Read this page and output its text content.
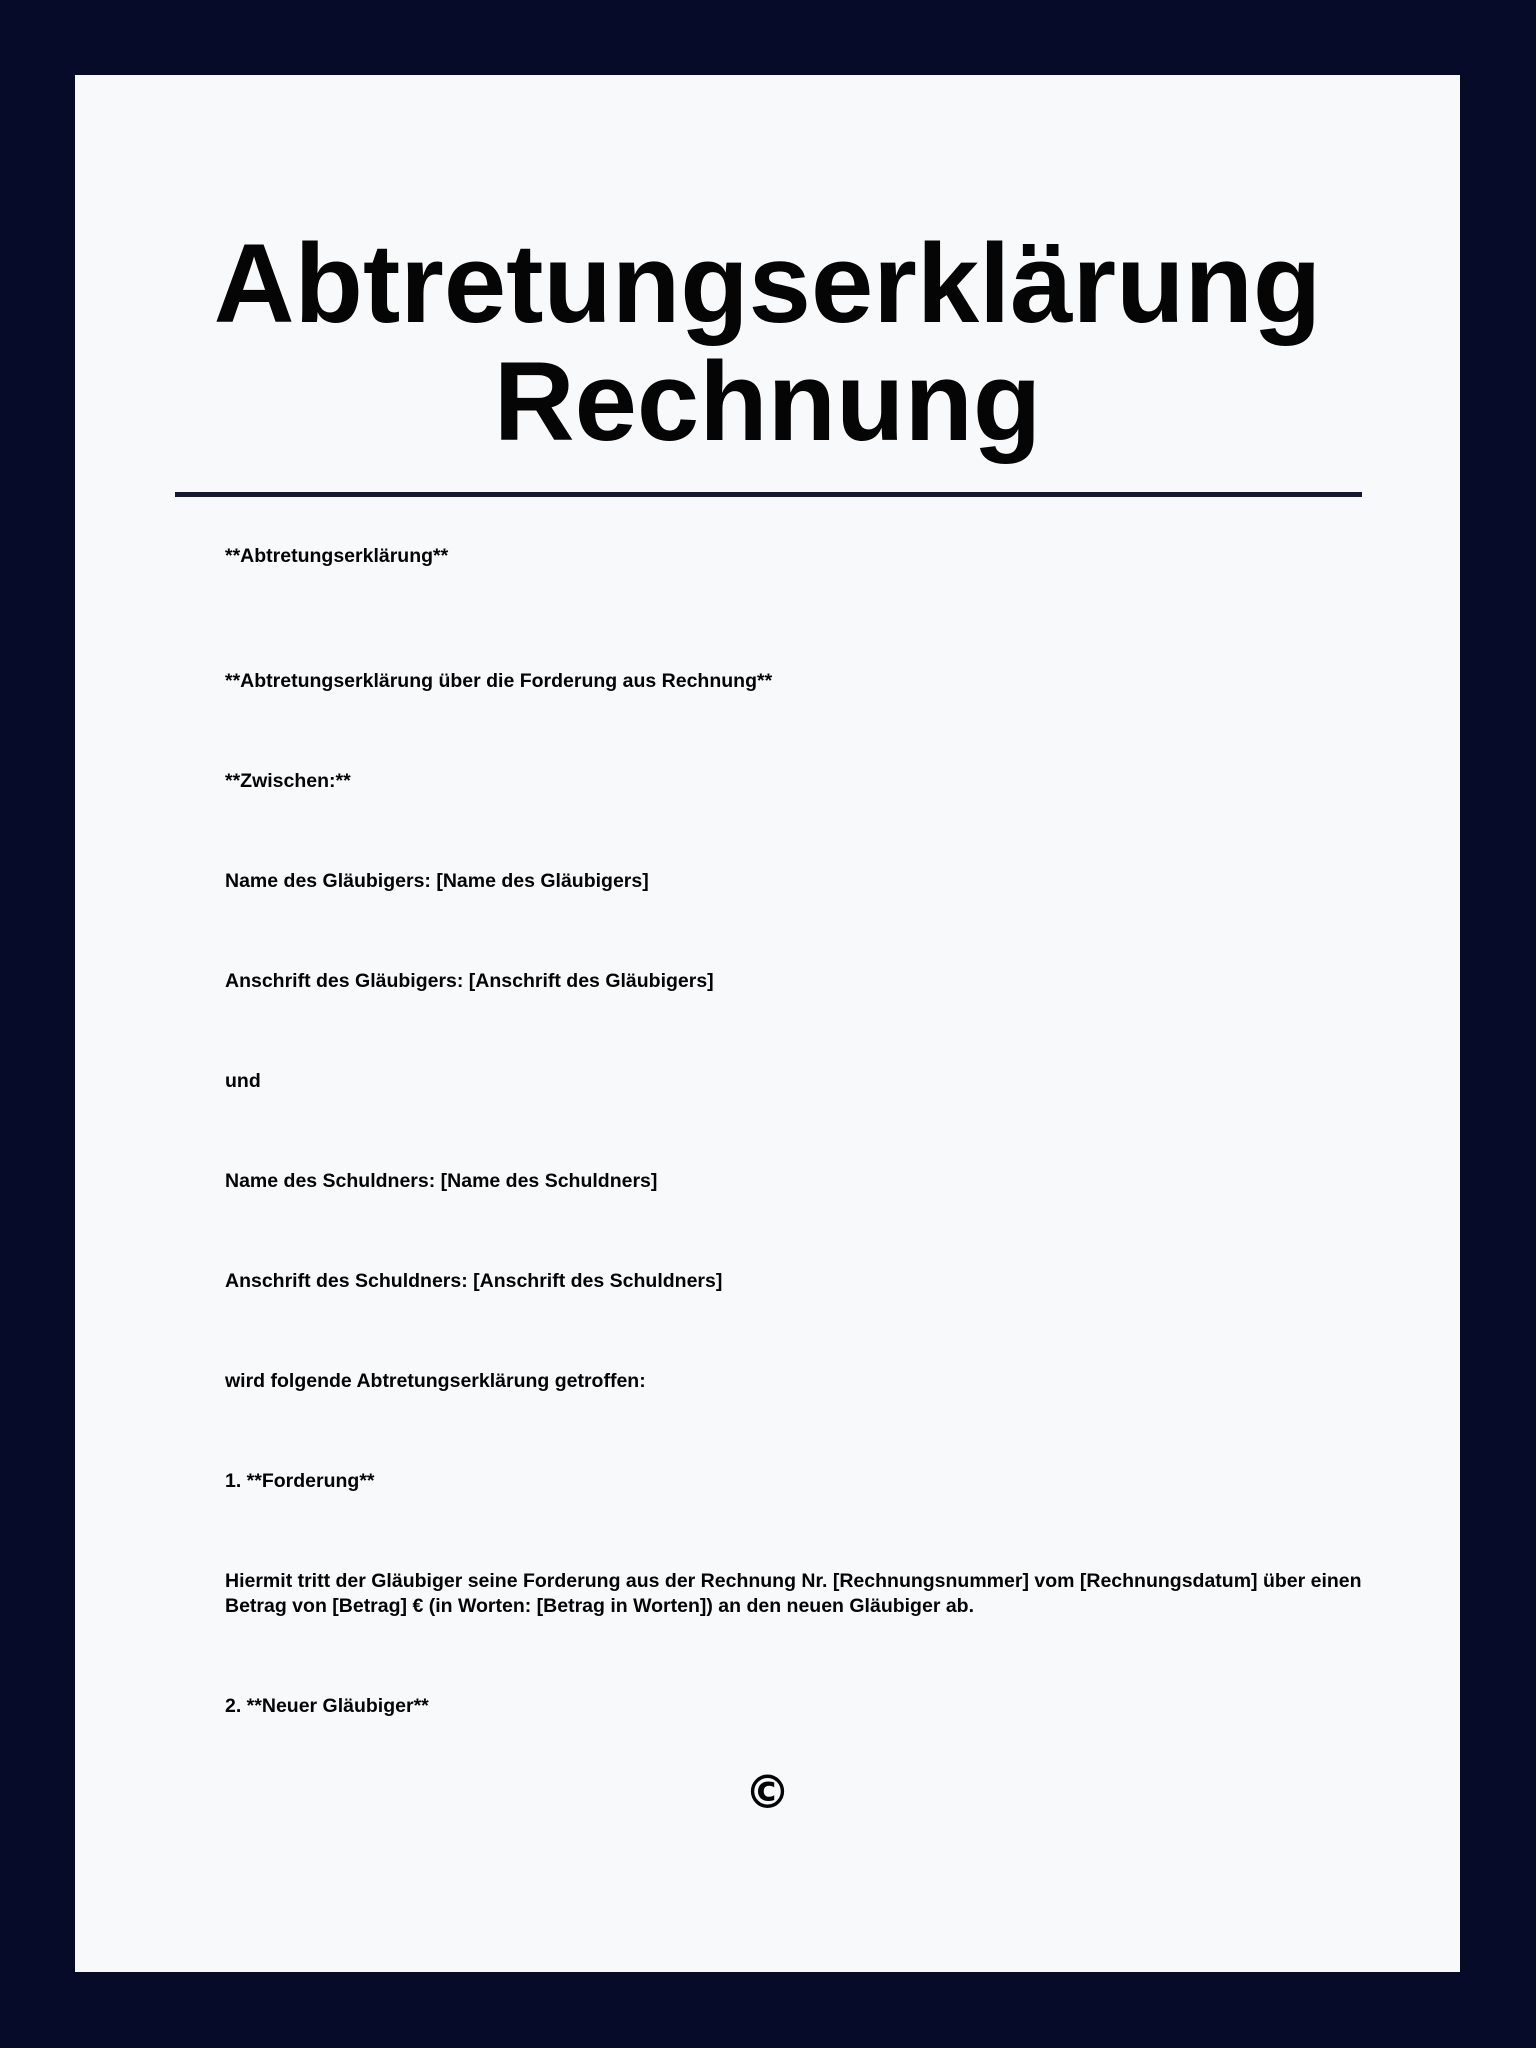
Abtretungserklärung
Rechnung

**Abtretungserklärung**

**Abtretungserklärung über die Forderung aus Rechnung**

**Zwischen:**

Name des Gläubigers: [Name des Gläubigers]

Anschrift des Gläubigers: [Anschrift des Gläubigers]

und

Name des Schuldners: [Name des Schuldners]

Anschrift des Schuldners: [Anschrift des Schuldners]

wird folgende Abtretungserklärung getroffen:

1. **Forderung**

Hiermit tritt der Gläubiger seine Forderung aus der Rechnung Nr. [Rechnungsnummer] vom [Rechnungsdatum] über einen Betrag von [Betrag] € (in Worten: [Betrag in Worten]) an den neuen Gläubiger ab.

2. **Neuer Gläubiger**

©
